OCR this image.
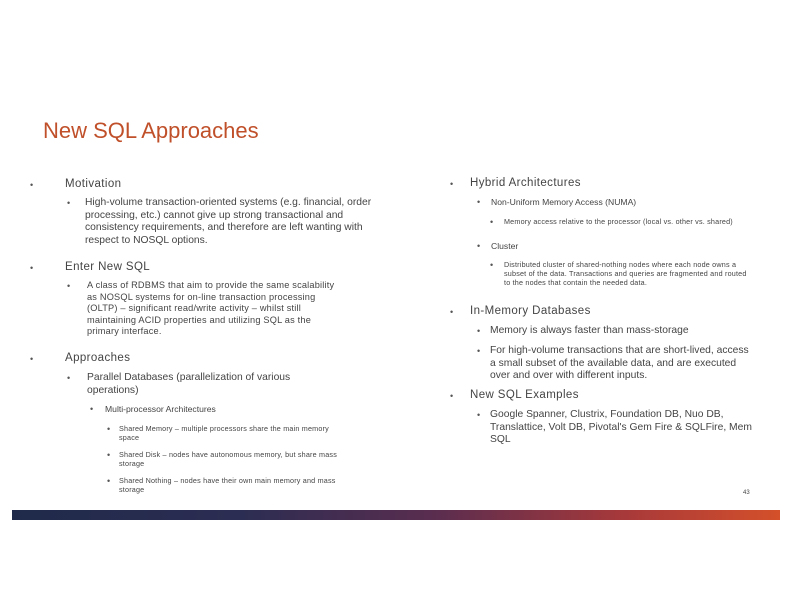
New SQL Approaches
•	Motivation
• High-volume transaction-oriented systems (e.g. financial, order processing, etc.) cannot give up strong transactional and consistency requirements, and therefore are left wanting with respect to NOSQL options.
•	Enter New SQL
• A class of RDBMS that aim to provide the same scalability as NOSQL systems for on-line transaction processing (OLTP) – significant read/write activity – whilst still maintaining ACID properties and utilizing SQL as the primary interface.
•	Approaches
• Parallel Databases (parallelization of various operations)
• Multi-processor Architectures
• Shared Memory – multiple processors share the main memory space
• Shared Disk – nodes have autonomous memory, but share mass storage
• Shared Nothing – nodes have their own main memory and mass storage
• Hybrid Architectures
• Non-Uniform Memory Access (NUMA)
• Memory access relative to the processor (local vs. other vs. shared)
• Cluster
• Distributed cluster of shared-nothing nodes where each node owns a subset of the data. Transactions and queries are fragmented and routed to the nodes that contain the needed data.
• In-Memory Databases
• Memory is always faster than mass-storage
• For high-volume transactions that are short-lived, access a small subset of the available data, and are executed over and over with different inputs.
• New SQL Examples
• Google Spanner, Clustrix, Foundation DB, Nuo DB, Translattice, Volt DB, Pivotal's Gem Fire & SQLFire, Mem SQL
43
